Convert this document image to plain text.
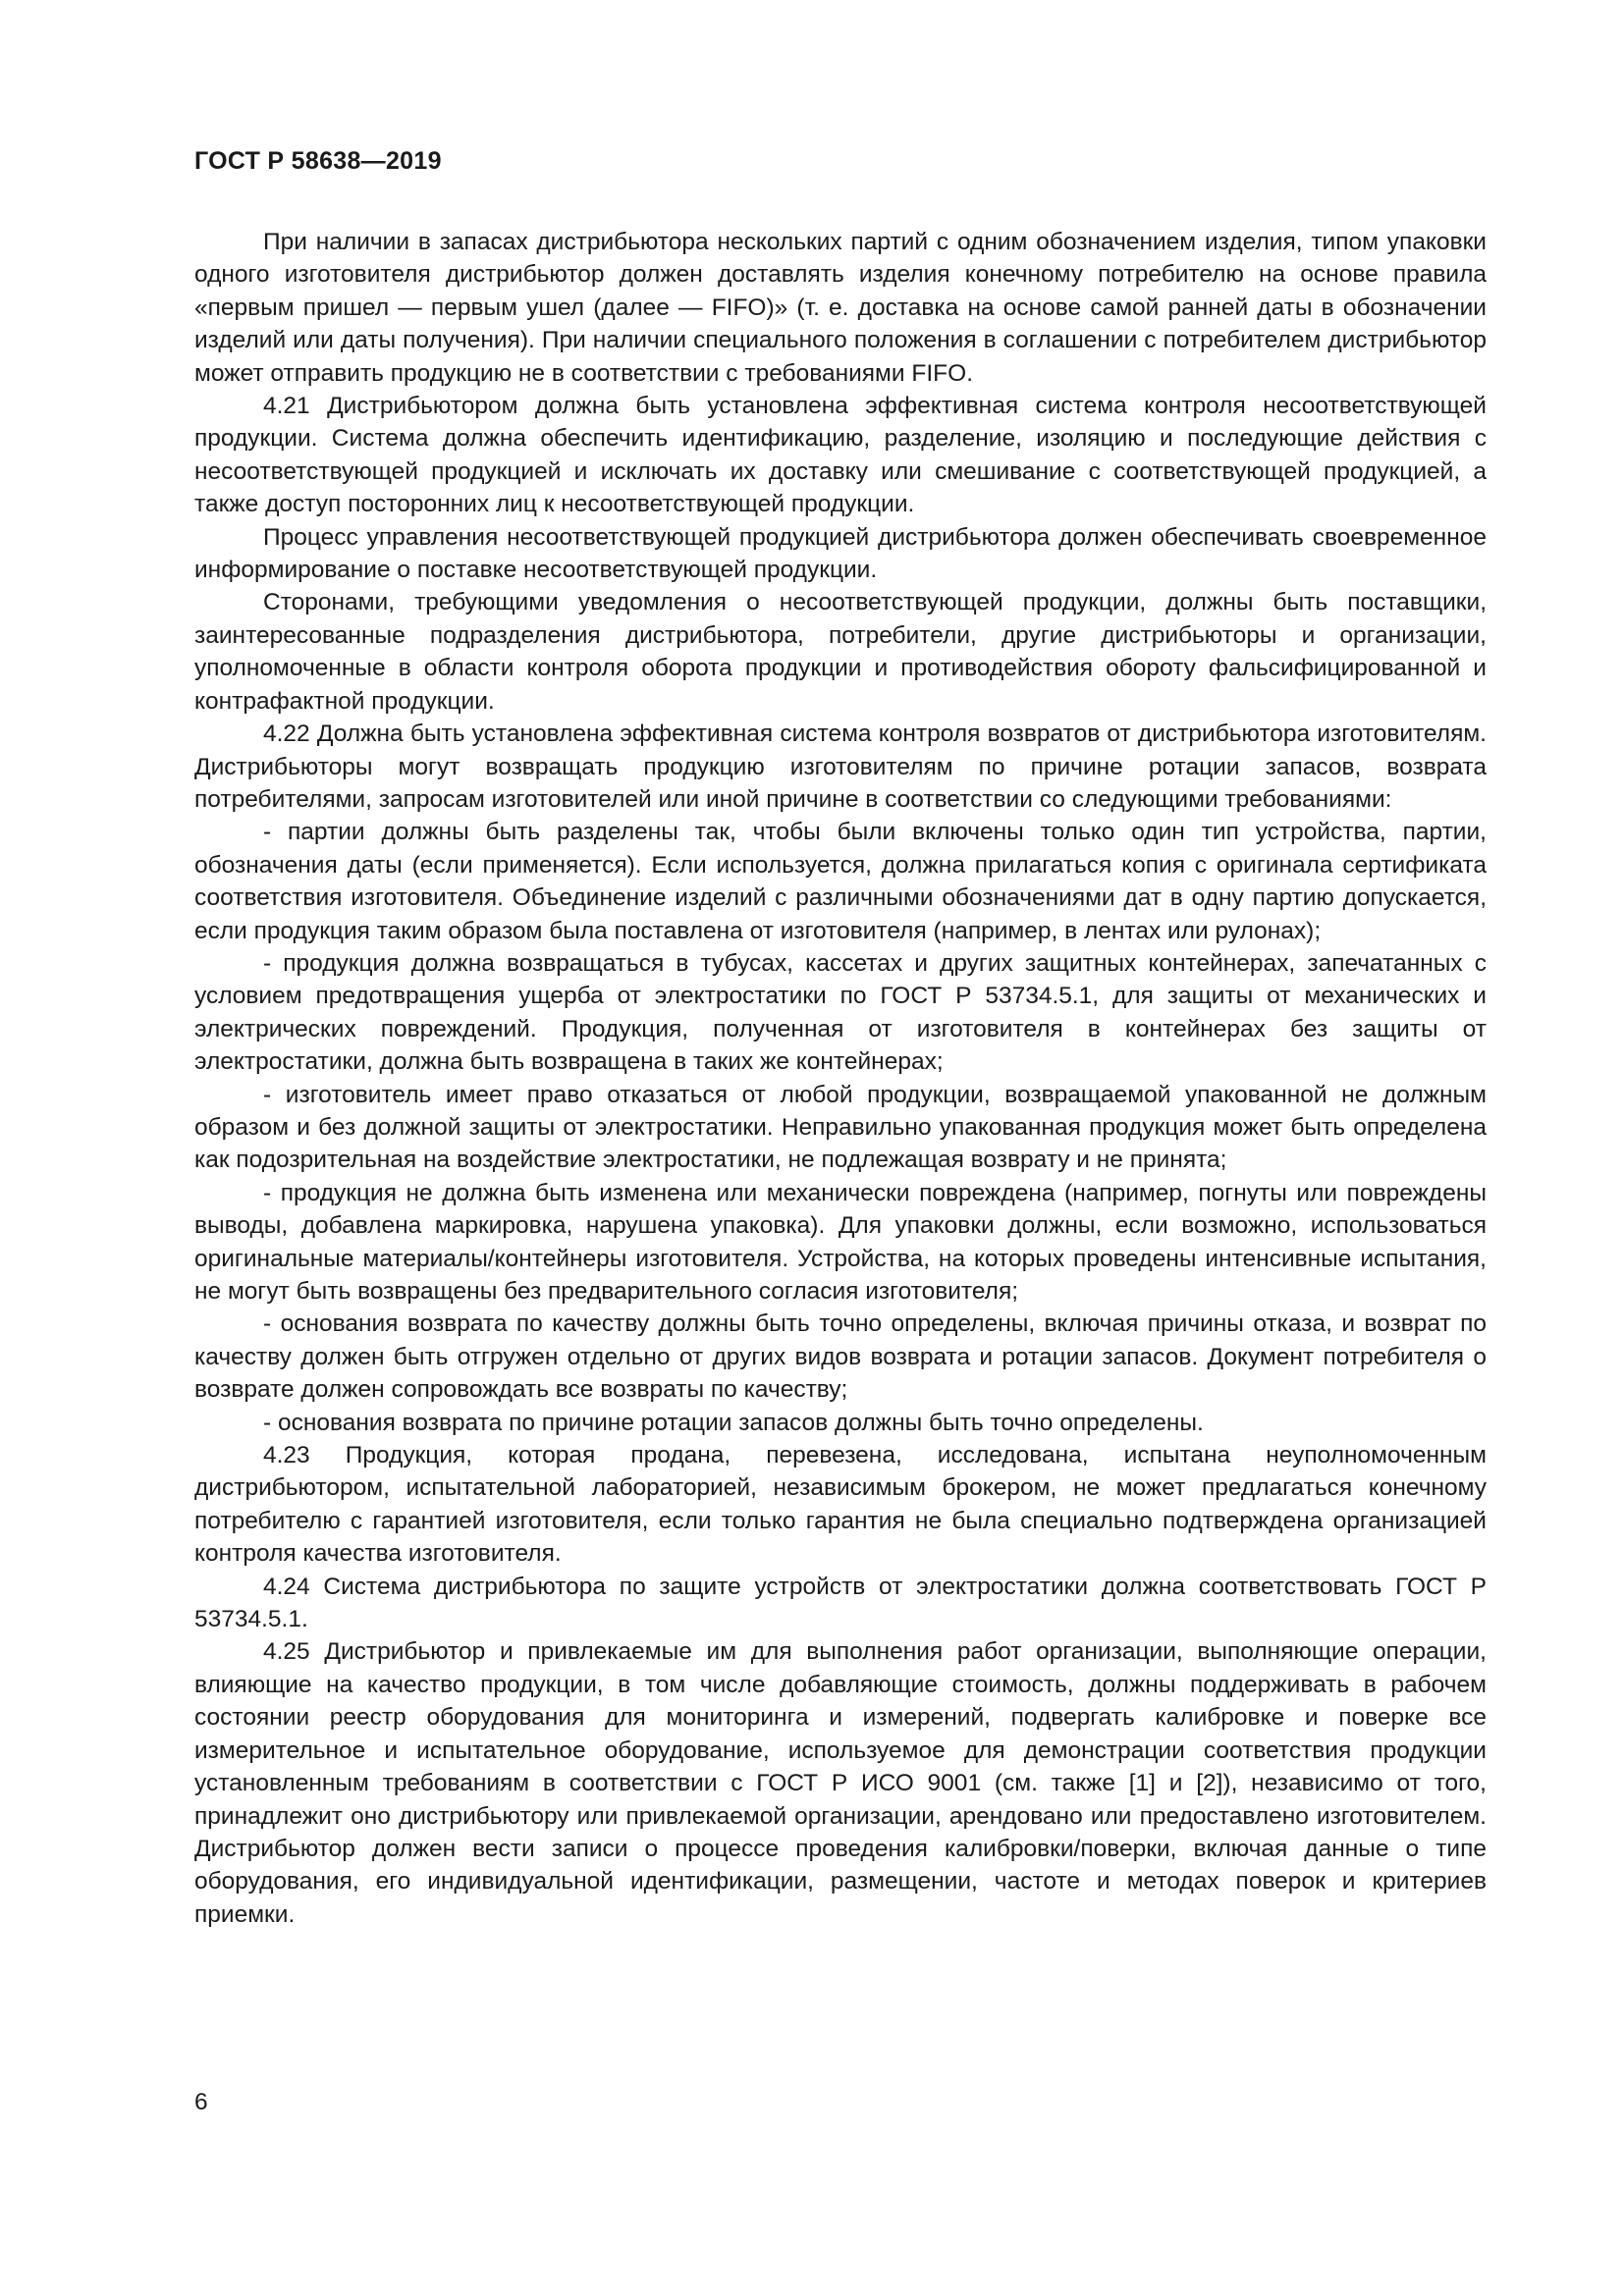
ГОСТ Р 58638—2019

При наличии в запасах дистрибьютора нескольких партий с одним обозначением изделия, типом упаковки одного изготовителя дистрибьютор должен доставлять изделия конечному потребителю на основе правила «первым пришел — первым ушел (далее — FIFO)» (т. е. доставка на основе самой ранней даты в обозначении изделий или даты получения). При наличии специального положения в соглашении с потребителем дистрибьютор может отправить продукцию не в соответствии с требованиями FIFO.

4.21 Дистрибьютором должна быть установлена эффективная система контроля несоответствующей продукции. Система должна обеспечить идентификацию, разделение, изоляцию и последующие действия с несоответствующей продукцией и исключать их доставку или смешивание с соответствующей продукцией, а также доступ посторонних лиц к несоответствующей продукции.

Процесс управления несоответствующей продукцией дистрибьютора должен обеспечивать своевременное информирование о поставке несоответствующей продукции.

Сторонами, требующими уведомления о несоответствующей продукции, должны быть поставщики, заинтересованные подразделения дистрибьютора, потребители, другие дистрибьюторы и организации, уполномоченные в области контроля оборота продукции и противодействия обороту фальсифицированной и контрафактной продукции.

4.22 Должна быть установлена эффективная система контроля возвратов от дистрибьютора изготовителям. Дистрибьюторы могут возвращать продукцию изготовителям по причине ротации запасов, возврата потребителями, запросам изготовителей или иной причине в соответствии со следующими требованиями:

- партии должны быть разделены так, чтобы были включены только один тип устройства, партии, обозначения даты (если применяется). Если используется, должна прилагаться копия с оригинала сертификата соответствия изготовителя. Объединение изделий с различными обозначениями дат в одну партию допускается, если продукция таким образом была поставлена от изготовителя (например, в лентах или рулонах);

- продукция должна возвращаться в тубусах, кассетах и других защитных контейнерах, запечатанных с условием предотвращения ущерба от электростатики по ГОСТ Р 53734.5.1, для защиты от механических и электрических повреждений. Продукция, полученная от изготовителя в контейнерах без защиты от электростатики, должна быть возвращена в таких же контейнерах;

- изготовитель имеет право отказаться от любой продукции, возвращаемой упакованной не должным образом и без должной защиты от электростатики. Неправильно упакованная продукция может быть определена как подозрительная на воздействие электростатики, не подлежащая возврату и не принята;

- продукция не должна быть изменена или механически повреждена (например, погнуты или повреждены выводы, добавлена маркировка, нарушена упаковка). Для упаковки должны, если возможно, использоваться оригинальные материалы/контейнеры изготовителя. Устройства, на которых проведены интенсивные испытания, не могут быть возвращены без предварительного согласия изготовителя;

- основания возврата по качеству должны быть точно определены, включая причины отказа, и возврат по качеству должен быть отгружен отдельно от других видов возврата и ротации запасов. Документ потребителя о возврате должен сопровождать все возвраты по качеству;

- основания возврата по причине ротации запасов должны быть точно определены.

4.23 Продукция, которая продана, перевезена, исследована, испытана неуполномоченным дистрибьютором, испытательной лабораторией, независимым брокером, не может предлагаться конечному потребителю с гарантией изготовителя, если только гарантия не была специально подтверждена организацией контроля качества изготовителя.

4.24 Система дистрибьютора по защите устройств от электростатики должна соответствовать ГОСТ Р 53734.5.1.

4.25 Дистрибьютор и привлекаемые им для выполнения работ организации, выполняющие операции, влияющие на качество продукции, в том числе добавляющие стоимость, должны поддерживать в рабочем состоянии реестр оборудования для мониторинга и измерений, подвергать калибровке и поверке все измерительное и испытательное оборудование, используемое для демонстрации соответствия продукции установленным требованиям в соответствии с ГОСТ Р ИСО 9001 (см. также [1] и [2]), независимо от того, принадлежит оно дистрибьютору или привлекаемой организации, арендовано или предоставлено изготовителем. Дистрибьютор должен вести записи о процессе проведения калибровки/поверки, включая данные о типе оборудования, его индивидуальной идентификации, размещении, частоте и методах поверок и критериев приемки.

6
